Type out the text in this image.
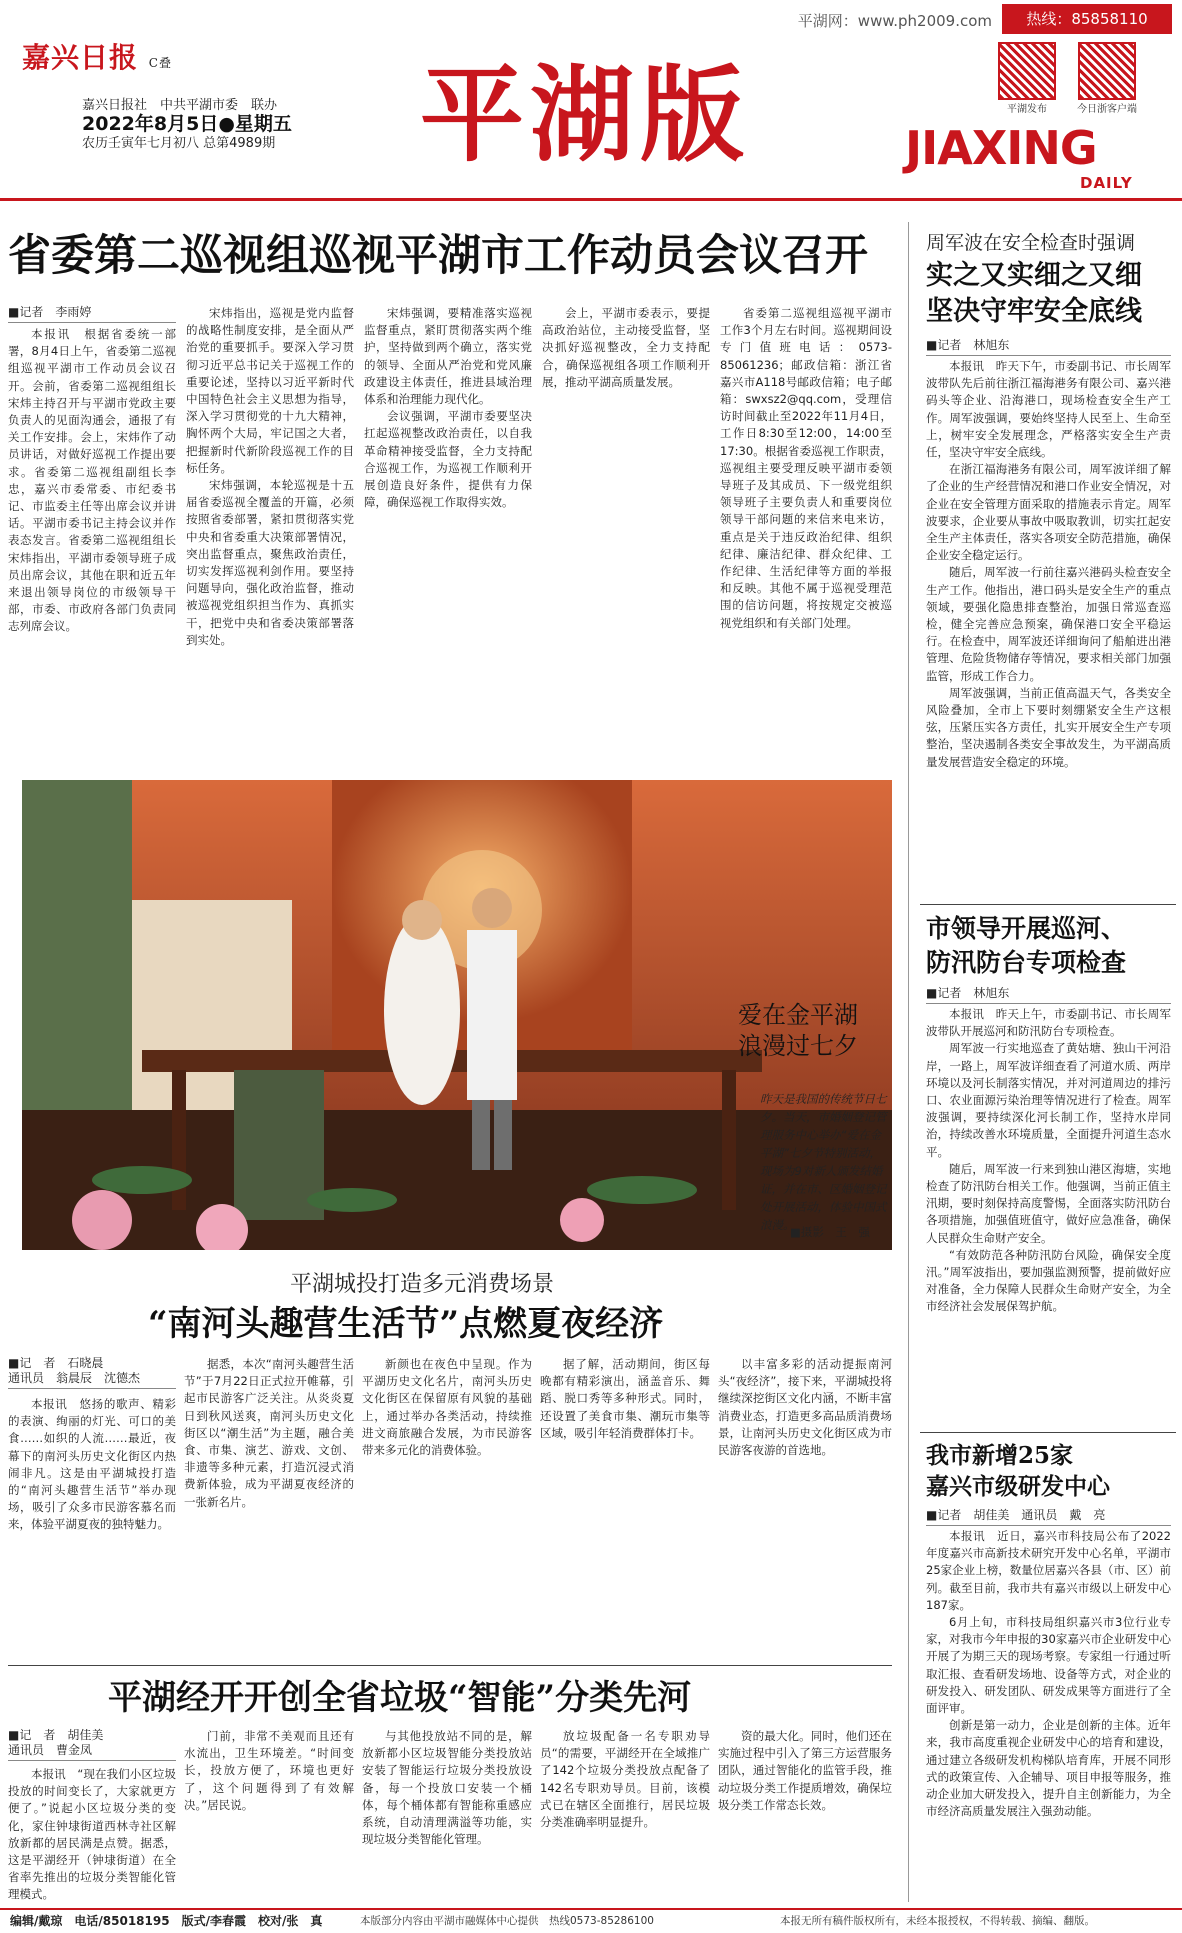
平湖网：www.ph2009.com	热线：85858110
嘉兴日报 C叠
嘉兴日报社　中共平湖市委　联办
2022年8月5日●星期五
农历壬寅年七月初八 总第4989期 平湖版	平湖发布	今日浙客户端
JIAXING
DAILY
省委第二巡视组巡视平湖市工作动员会议召开
■记者　李雨婷

本报讯　根据省委统一部署，8月4日上午，省委第二巡视组巡视平湖市工作动员会议召开。会前，省委第二巡视组组长宋炜主持召开与平湖市党政主要负责人的见面沟通会，通报了有关工作安排。会上，宋炜作了动员讲话，对做好巡视工作提出要求。省委第二巡视组副组长李忠，嘉兴市委常委、市纪委书记、市监委主任等出席会议并讲话。平湖市委书记主持会议并作表态发言。省委第二巡视组组长宋炜指出，平湖市委领导班子成员出席会议，其他在职和近五年来退出领导岗位的市级领导干部，市委、市政府各部门负责同志列席会议。

宋炜指出，巡视是党内监督的战略性制度安排，是全面从严治党的重要抓手。要深入学习贯彻习近平总书记关于巡视工作的重要论述，坚持以习近平新时代中国特色社会主义思想为指导，深入学习贯彻党的十九大精神，胸怀两个大局，牢记国之大者，把握新时代新阶段巡视工作的目标任务。

宋炜强调，本轮巡视是十五届省委巡视全覆盖的开篇，必须按照省委部署，紧扣贯彻落实党中央和省委重大决策部署情况，突出监督重点，聚焦政治责任，切实发挥巡视利剑作用。要坚持问题导向，强化政治监督，推动被巡视党组织担当作为、真抓实干，把党中央和省委决策部署落到实处。

宋炜强调，要精准落实巡视监督重点，紧盯贯彻落实两个维护，坚持做到两个确立，落实党的领导、全面从严治党和党风廉政建设主体责任，推进县域治理体系和治理能力现代化。

会议强调，平湖市委要坚决扛起巡视整改政治责任，以自我革命精神接受监督，全力支持配合巡视工作，为巡视工作顺利开展创造良好条件，提供有力保障，确保巡视工作取得实效。

会上，平湖市委表示，要提高政治站位，主动接受监督，坚决抓好巡视整改，全力支持配合，确保巡视组各项工作顺利开展，推动平湖高质量发展。

省委第二巡视组巡视平湖市工作3个月左右时间。巡视期间设专门值班电话：0573-85061236；邮政信箱：浙江省嘉兴市A118号邮政信箱；电子邮箱：swxsz2@qq.com，受理信访时间截止至2022年11月4日，工作日8:30至12:00，14:00至17:30。根据省委巡视工作职责，巡视组主要受理反映平湖市委领导班子及其成员、下一级党组织领导班子主要负责人和重要岗位领导干部问题的来信来电来访，重点是关于违反政治纪律、组织纪律、廉洁纪律、群众纪律、工作纪律、生活纪律等方面的举报和反映。其他不属于巡视受理范围的信访问题，将按规定交被巡视党组织和有关部门处理。

爱在金平湖
浪漫过七夕
昨天是我国的传统节日七夕。当天，市婚姻登记管理服务中心举办“爱在金平湖”七夕节特别活动，现场为9对新人颁发结婚证，并在市、区婚姻登记处开展活动，体验中国式浪漫。
■摄影　王　强
平湖城投打造多元消费场景
“南河头趣营生活节”点燃夏夜经济
■记　者　石晓晨
通讯员　翁晨辰　沈德杰

本报讯　悠扬的歌声、精彩的表演、绚丽的灯光、可口的美食……如织的人流……最近，夜幕下的南河头历史文化街区内热闹非凡。这是由平湖城投打造的“南河头趣营生活节”举办现场，吸引了众多市民游客慕名而来，体验平湖夏夜的独特魅力。

据悉，本次“南河头趣营生活节”于7月22日正式拉开帷幕，引起市民游客广泛关注。从炎炎夏日到秋风送爽，南河头历史文化街区以“潮生活”为主题，融合美食、市集、演艺、游戏、文创、非遗等多种元素，打造沉浸式消费新体验，成为平湖夏夜经济的一张新名片。

新颜也在夜色中呈现。作为平湖历史文化名片，南河头历史文化街区在保留原有风貌的基础上，通过举办各类活动，持续推进文商旅融合发展，为市民游客带来多元化的消费体验。

据了解，活动期间，街区每晚都有精彩演出，涵盖音乐、舞蹈、脱口秀等多种形式。同时，还设置了美食市集、潮玩市集等区域，吸引年轻消费群体打卡。

以丰富多彩的活动提振南河头“夜经济”，接下来，平湖城投将继续深挖街区文化内涵，不断丰富消费业态，打造更多高品质消费场景，让南河头历史文化街区成为市民游客夜游的首选地。

平湖经开开创全省垃圾“智能”分类先河
■记　者　胡佳美
通讯员　曹金凤

本报讯　“现在我们小区垃圾投放的时间变长了，大家就更方便了。”说起小区垃圾分类的变化，家住钟埭街道西林寺社区解放新都的居民满是点赞。据悉，这是平湖经开（钟埭街道）在全省率先推出的垃圾分类智能化管理模式。

门前，非常不美观而且还有水流出，卫生环境差。“时间变长，投放方便了，环境也更好了，这个问题得到了有效解决。”居民说。

与其他投放站不同的是，解放新都小区垃圾智能分类投放站安装了智能运行垃圾分类投放设备，每一个投放口安装一个桶体，每个桶体都有智能称重感应系统，自动清理满溢等功能，实现垃圾分类智能化管理。

放垃圾配备一名专职劝导员“的需要，平湖经开在全域推广了142个垃圾分类投放点配备了142名专职劝导员。目前，该模式已在辖区全面推行，居民垃圾分类准确率明显提升。

资的最大化。同时，他们还在实施过程中引入了第三方运营服务团队，通过智能化的监管手段，推动垃圾分类工作提质增效，确保垃圾分类工作常态长效。

周军波在安全检查时强调
实之又实细之又细
坚决守牢安全底线
■记者　林旭东

本报讯　昨天下午，市委副书记、市长周军波带队先后前往浙江福海港务有限公司、嘉兴港码头等企业、沿海港口，现场检查安全生产工作。周军波强调，要始终坚持人民至上、生命至上，树牢安全发展理念，严格落实安全生产责任，坚决守牢安全底线。

在浙江福海港务有限公司，周军波详细了解了企业的生产经营情况和港口作业安全情况，对企业在安全管理方面采取的措施表示肯定。周军波要求，企业要从事故中吸取教训，切实扛起安全生产主体责任，落实各项安全防范措施，确保企业安全稳定运行。

随后，周军波一行前往嘉兴港码头检查安全生产工作。他指出，港口码头是安全生产的重点领域，要强化隐患排查整治，加强日常巡查巡检，健全完善应急预案，确保港口安全平稳运行。在检查中，周军波还详细询问了船舶进出港管理、危险货物储存等情况，要求相关部门加强监管，形成工作合力。

周军波强调，当前正值高温天气，各类安全风险叠加，全市上下要时刻绷紧安全生产这根弦，压紧压实各方责任，扎实开展安全生产专项整治，坚决遏制各类安全事故发生，为平湖高质量发展营造安全稳定的环境。

市领导开展巡河、
防汛防台专项检查
■记者　林旭东

本报讯　昨天上午，市委副书记、市长周军波带队开展巡河和防汛防台专项检查。

周军波一行实地巡查了黄姑塘、独山干河沿岸，一路上，周军波详细查看了河道水质、两岸环境以及河长制落实情况，并对河道周边的排污口、农业面源污染治理等情况进行了检查。周军波强调，要持续深化河长制工作，坚持水岸同治，持续改善水环境质量，全面提升河道生态水平。

随后，周军波一行来到独山港区海塘，实地检查了防汛防台相关工作。他强调，当前正值主汛期，要时刻保持高度警惕，全面落实防汛防台各项措施，加强值班值守，做好应急准备，确保人民群众生命财产安全。

“有效防范各种防汛防台风险，确保安全度汛。”周军波指出，要加强监测预警，提前做好应对准备，全力保障人民群众生命财产安全，为全市经济社会发展保驾护航。

我市新增25家
嘉兴市级研发中心
■记者　胡佳美　通讯员　戴　亮

本报讯　近日，嘉兴市科技局公布了2022年度嘉兴市高新技术研究开发中心名单，平湖市25家企业上榜，数量位居嘉兴各县（市、区）前列。截至目前，我市共有嘉兴市级以上研发中心187家。

6月上旬，市科技局组织嘉兴市3位行业专家，对我市今年申报的30家嘉兴市企业研发中心开展了为期三天的现场考察。专家组一行通过听取汇报、查看研发场地、设备等方式，对企业的研发投入、研发团队、研发成果等方面进行了全面评审。

创新是第一动力，企业是创新的主体。近年来，我市高度重视企业研发中心的培育和建设，通过建立各级研发机构梯队培育库，开展不同形式的政策宣传、入企辅导、项目申报等服务，推动企业加大研发投入，提升自主创新能力，为全市经济高质量发展注入强劲动能。

编辑/戴琼　电话/85018195　版式/李春霞　校对/张　真	本版部分内容由平湖市融媒体中心提供　热线0573-85286100	本报无所有稿件版权所有，未经本报授权，不得转载、摘编、翻版。
